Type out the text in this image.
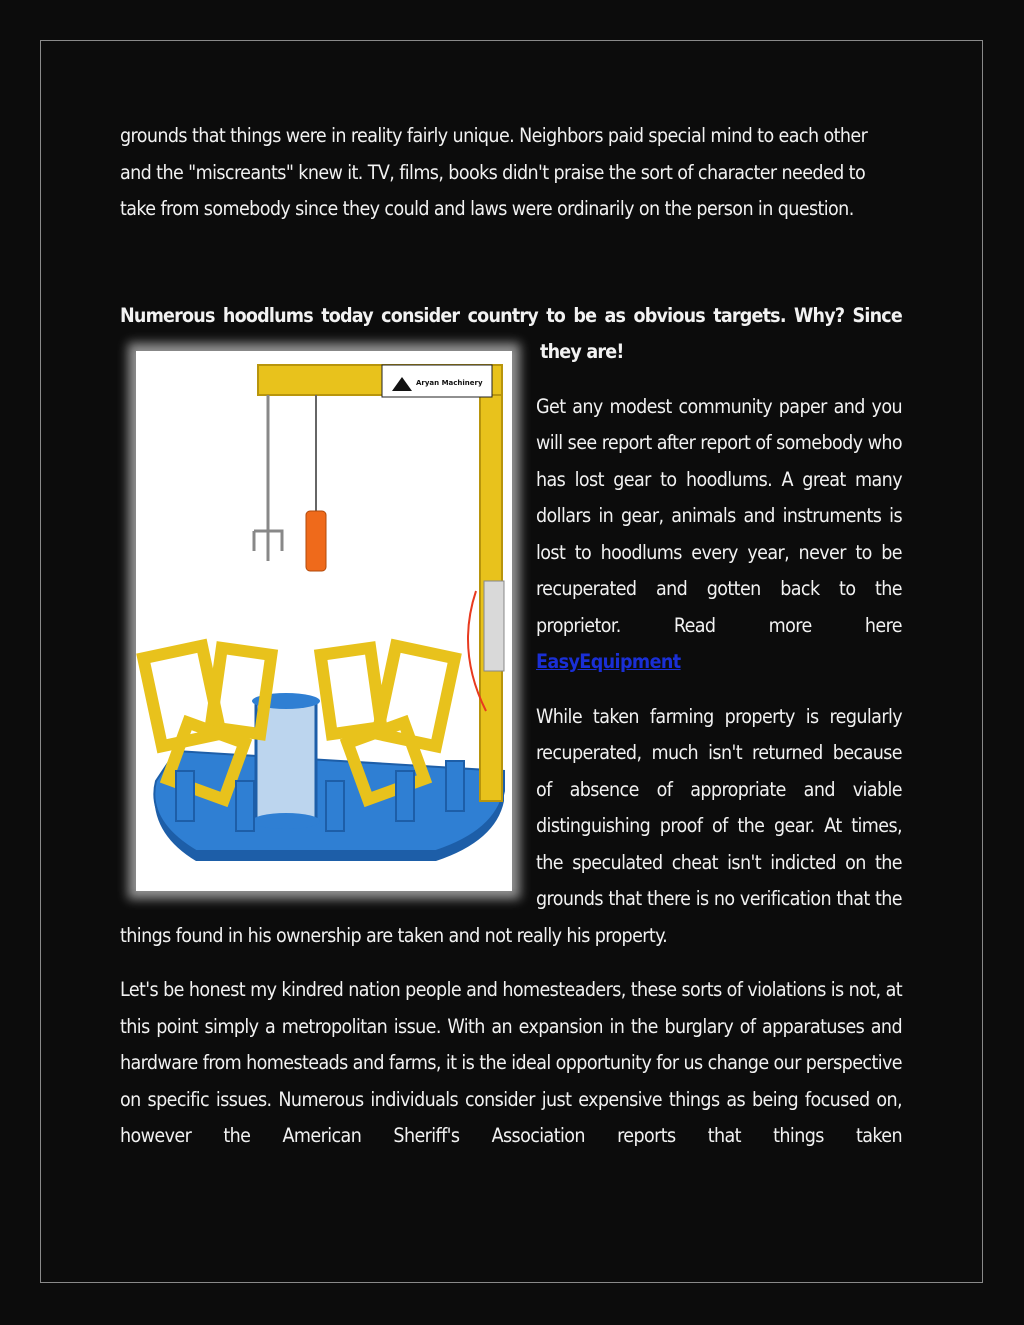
grounds that things were in reality fairly unique. Neighbors paid special mind to each other and the "miscreants" knew it. TV, films, books didn't praise the sort of character needed to take from somebody since they could and laws were ordinarily on the person in question.

Numerous hoodlums today consider country to be as obvious targets. Why? Since
they are!
Aryan Machinery

Get any modest community paper and you will see report after report of somebody who has lost gear to hoodlums. A great many dollars in gear, animals and instruments is lost to hoodlums every year, never to be recuperated and gotten back to the proprietor. Read more here EasyEquipment

While taken farming property is regularly recuperated, much isn't returned because of absence of appropriate and viable distinguishing proof of the gear. At times, the speculated cheat isn't indicted on the grounds that there is no verification that the things found in his ownership are taken and not really his property.

Let's be honest my kindred nation people and homesteaders, these sorts of violations is not, at this point simply a metropolitan issue. With an expansion in the burglary of apparatuses and hardware from homesteads and farms, it is the ideal opportunity for us change our perspective on specific issues. Numerous individuals consider just expensive things as being focused on, however the American Sheriff's Association reports that things taken
